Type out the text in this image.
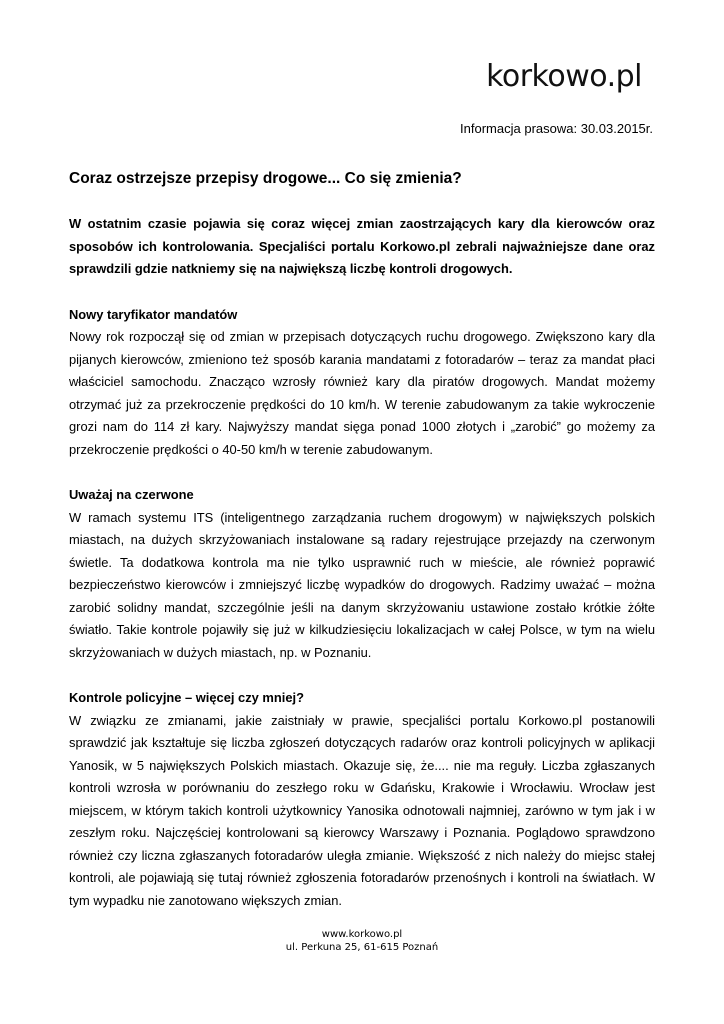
korkowo.pl
Informacja prasowa: 30.03.2015r.
Coraz ostrzejsze przepisy drogowe... Co się zmienia?

W ostatnim czasie pojawia się coraz więcej zmian zaostrzających kary dla kierowców oraz sposobów ich kontrolowania. Specjaliści portalu Korkowo.pl zebrali najważniejsze dane oraz sprawdzili gdzie natkniemy się na największą liczbę kontroli drogowych.

Nowy taryfikator mandatów

Nowy rok rozpoczął się od zmian w przepisach dotyczących ruchu drogowego. Zwiększono kary dla pijanych kierowców, zmieniono też sposób karania mandatami z fotoradarów – teraz za mandat płaci właściciel samochodu. Znacząco wzrosły również kary dla piratów drogowych. Mandat możemy otrzymać już za przekroczenie prędkości do 10 km/h. W terenie zabudowanym za takie wykroczenie grozi nam do 114 zł kary. Najwyższy mandat sięga ponad 1000 złotych i „zarobić” go możemy za przekroczenie prędkości o 40-50 km/h w terenie zabudowanym.

Uważaj na czerwone

W ramach systemu ITS (inteligentnego zarządzania ruchem drogowym) w największych polskich miastach, na dużych skrzyżowaniach instalowane są radary rejestrujące przejazdy na czerwonym świetle. Ta dodatkowa kontrola ma nie tylko usprawnić ruch w mieście, ale również poprawić bezpieczeństwo kierowców i zmniejszyć liczbę wypadków do drogowych. Radzimy uważać – można zarobić solidny mandat, szczególnie jeśli na danym skrzyżowaniu ustawione zostało krótkie żółte światło. Takie kontrole pojawiły się już w kilkudziesięciu lokalizacjach w całej Polsce, w tym na wielu skrzyżowaniach w dużych miastach, np. w Poznaniu.

Kontrole policyjne – więcej czy mniej?

W związku ze zmianami, jakie zaistniały w prawie, specjaliści portalu Korkowo.pl postanowili sprawdzić jak kształtuje się liczba zgłoszeń dotyczących radarów oraz kontroli policyjnych w aplikacji Yanosik, w 5 największych Polskich miastach. Okazuje się, że.... nie ma reguły. Liczba zgłaszanych kontroli wzrosła w porównaniu do zeszłego roku w Gdańsku, Krakowie i Wrocławiu. Wrocław jest miejscem, w którym takich kontroli użytkownicy Yanosika odnotowali najmniej, zarówno w tym jak i w zeszłym roku. Najczęściej kontrolowani są kierowcy Warszawy i Poznania. Poglądowo sprawdzono również czy liczna zgłaszanych fotoradarów uległa zmianie. Większość z nich należy do miejsc stałej kontroli, ale pojawiają się tutaj również zgłoszenia fotoradarów przenośnych i kontroli na światłach. W tym wypadku nie zanotowano większych zmian.

www.korkowo.pl
ul. Perkuna 25, 61-615 Poznań
